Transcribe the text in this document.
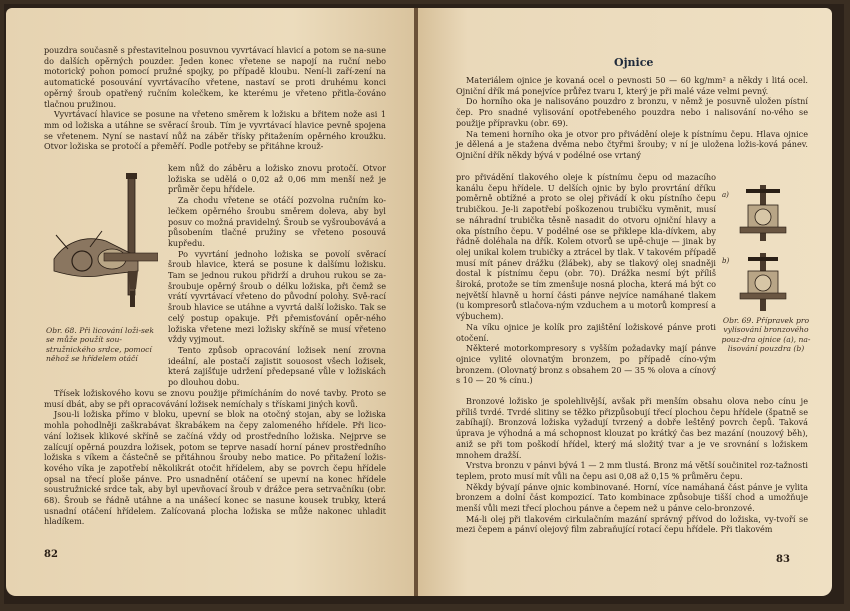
pouzdra současně s přestavitelnou posuvnou vyvrtávací hlavicí a potom se na-sune do dalších opěrných pouzder. Jeden konec vřetene se napojí na ruční nebo motorický pohon pomocí pružné spojky, po případě kloubu. Není-li zaří-zení na automatické posouvání vyvrtávacího vřetene, nastaví se proti druhému konci opěrný šroub opatřený ručním kolečkem, ke kterému je vřeteno přitla-čováno tlačnou pružinou.

Vyvrtávací hlavice se posune na vřeteno směrem k ložisku a břitem nože asi 1 mm od ložiska a utáhne se svěrací šroub. Tím je vyvrtávací hlavice pevně spojena se vřetenem. Nyní se nastaví nůž na záběr třísky přitažením opěrného kroužku. Otvor ložiska se protočí a přeměří. Podle potřeby se přitáhne krouž-

Obr. 68. Při licování loži-sek se může použít sou-stružnického srdce, pomocí něhož se hřídelem otáčí

kem nůž do záběru a ložisko znovu protočí. Otvor ložiska se udělá o 0,02 až 0,06 mm menší než je průměr čepu hřídele.

Za chodu vřetene se otáčí pozvolna ručním ko-lečkem opěrného šroubu směrem doleva, aby byl posuv co možná pravidelný. Šroub se vyšroubovává a působením tlačné pružiny se vřeteno posouvá kupředu.

Po vyvrtání jednoho ložiska se povolí svěrací šroub hlavice, která se posune k dalšímu ložisku. Tam se jednou rukou přidrží a druhou rukou se za-šroubuje opěrný šroub o délku ložiska, při čemž se vrátí vyvrtávací vřeteno do původní polohy. Svě-rací šroub hlavice se utáhne a vyvrtá další ložisko. Tak se celý postup opakuje. Při přemisťování opěr-ného ložiska vřetene mezi ložisky skříně se musí vřeteno vždy vyjmout.

Tento způsob opracování ložisek není zrovna ideální, ale postačí zajistit souosost všech ložisek, která zajišťuje udržení předepsané vůle v ložiskách po dlouhou dobu.

Třísek ložiskového kovu se znovu použije přimícháním do nové tavby. Proto se musí dbát, aby se při opracovávání ložisek nemíchaly s třískami jiných kovů.

Jsou-li ložiska přímo v bloku, upevní se blok na otočný stojan, aby se ložiska mohla pohodlněji zaškrabávat škrabákem na čepy zalomeného hřídele. Při lico-vání ložisek klikové skříně se začíná vždy od prostředního ložiska. Nejprve se zalícují opěrná pouzdra ložisek, potom se teprve nasadí horní pánev prostředního ložiska s víkem a částečně se přitáhnou šrouby nebo matice. Po přitažení ložis-kového víka je zapotřebí několikrát otočit hřídelem, aby se povrch čepu hřídele opsal na třecí ploše pánve. Pro usnadnění otáčení se upevní na konec hřídele soustružnické srdce tak, aby byl upevňovací šroub v drážce pera setrvačníku (obr. 68). Šroub se řádně utáhne a na unášecí konec se nasune kousek trubky, která usnadní otáčení hřídelem. Zalícovaná plocha ložiska se může nakonec uhladit hladíkem.

82
Ojnice

Materiálem ojnice je kovaná ocel o pevnosti 50 — 60 kg/mm² a někdy i litá ocel. Ojniční dřík má ponejvíce průřez tvaru I, který je při malé váze velmi pevný.

Do horního oka je nalisováno pouzdro z bronzu, v němž je posuvně uložen pístní čep. Pro snadné vylisování opotřebeného pouzdra nebo i nalisování no-vého se použije přípravku (obr. 69).

Na temeni horního oka je otvor pro přivádění oleje k pístnímu čepu. Hlava ojnice je dělená a je stažena dvěma nebo čtyřmi šrouby; v ní je uložena ložis-ková pánev. Ojniční dřík někdy bývá v podélné ose vrtaný

pro přivádění tlakového oleje k pístnímu čepu od mazacího kanálu čepu hřídele. U delších ojnic by bylo provrtání dříku poměrně obtížné a proto se olej přivádí k oku pístního čepu trubičkou. Je-li zapotřebí poškozenou trubičku vyměnit, musí se náhradní trubička těsně nasadit do otvoru ojniční hlavy a oka pístního čepu. V podélné ose se přiklepe kla-dívkem, aby řádně doléhala na dřík. Kolem otvorů se upě-chuje — jinak by olej unikal kolem trubičky a ztrácel by tlak. V takovém případě musí mít pánev drážku (žlábek), aby se tlakový olej snadněji dostal k pístnímu čepu (obr. 70). Drážka nesmí být příliš široká, protože se tím zmenšuje nosná plocha, která má být co největší hlavně u horní části pánve nejvíce namáhané tlakem (u kompresorů stlačova-ným vzduchem a u motorů kompresí a výbuchem).

Na víku ojnice je kolík pro zajištění ložiskové pánve proti otočení.

Některé motorkompresory s vyšším požadavky mají pánve ojnice vylité olovnatým bronzem, po případě cíno-vým bronzem. (Olovnatý bronz s obsahem 20 — 35 % olova a cínový s 10 — 20 % cínu.)

a)
b)
Obr. 69. Přípravek pro vylisování bronzového pouz-dra ojnice (a), na-lisování pouzdra (b)

Bronzové ložisko je spolehlivější, avšak při menším obsahu olova nebo cínu je příliš tvrdé. Tvrdé slitiny se těžko přizpůsobují třecí plochou čepu hřídele (špatně se zabíhají). Bronzová ložiska vyžadují tvrzený a dobře leštěný povrch čepů. Taková úprava je výhodná a má schopnost klouzat po krátký čas bez mazání (nouzový běh), aniž se při tom poškodí hřídel, který má složitý tvar a je ve srovnání s ložiskem mnohem dražší.

Vrstva bronzu v pánvi bývá 1 — 2 mm tlustá. Bronz má větší součinitel roz-tažnosti teplem, proto musí mít vůli na čepu asi 0,08 až 0,15 % průměru čepu.

Někdy bývají pánve ojnic kombinované. Horní, více namáhaná část pánve je vylita bronzem a dolní část kompozicí. Tato kombinace způsobuje tišší chod a umožňuje menší vůli mezi třecí plochou pánve a čepem než u pánve celo-bronzové.

Má-li olej při tlakovém cirkulačním mazání správný přívod do ložiska, vy-tvoří se mezi čepem a pánví olejový film zabraňující rotací čepu hřídele. Při tlakovém

83
